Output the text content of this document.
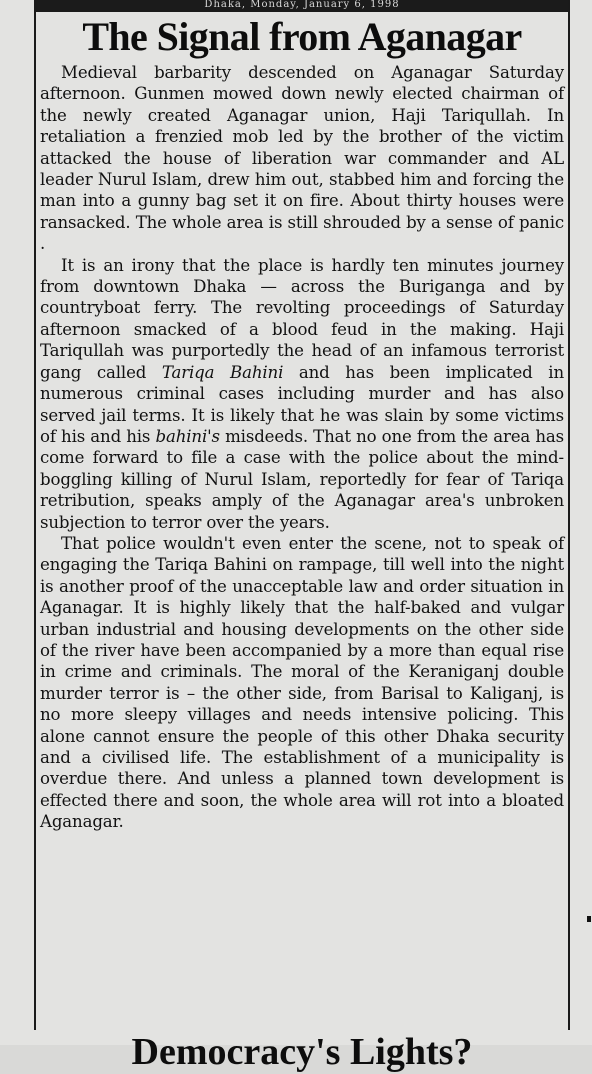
Dhaka, Monday, January 6, 1998
The Signal from Aganagar

Medieval barbarity descended on Aganagar Saturday afternoon. Gunmen mowed down newly elected chairman of the newly created Aganagar union, Haji Tariqullah. In retaliation a frenzied mob led by the brother of the victim attacked the house of liberation war commander and AL leader Nurul Islam, drew him out, stabbed him and forcing the man into a gunny bag set it on fire. About thirty houses were ransacked. The whole area is still shrouded by a sense of panic .

It is an irony that the place is hardly ten minutes journey from downtown Dhaka — across the Buriganga and by countryboat ferry. The revolting proceedings of Saturday afternoon smacked of a blood feud in the making. Haji Tariqullah was purportedly the head of an infamous terrorist gang called Tariqa Bahini and has been implicated in numerous criminal cases including murder and has also served jail terms. It is likely that he was slain by some victims of his and his bahini's misdeeds. That no one from the area has come forward to file a case with the police about the mind-boggling killing of Nurul Islam, reportedly for fear of Tariqa retribution, speaks amply of the Aganagar area's unbroken subjection to terror over the years.

That police wouldn't even enter the scene, not to speak of engaging the Tariqa Bahini on rampage, till well into the night is another proof of the unacceptable law and order situation in Aganagar. It is highly likely that the half-baked and vulgar urban industrial and housing developments on the other side of the river have been accompanied by a more than equal rise in crime and criminals. The moral of the Keraniganj double murder terror is – the other side, from Barisal to Kaliganj, is no more sleepy villages and needs intensive policing. This alone cannot ensure the people of this other Dhaka security and a civilised life. The establishment of a municipality is overdue there. And unless a planned town development is effected there and soon, the whole area will rot into a bloated Aganagar.

Democracy's Lights?
